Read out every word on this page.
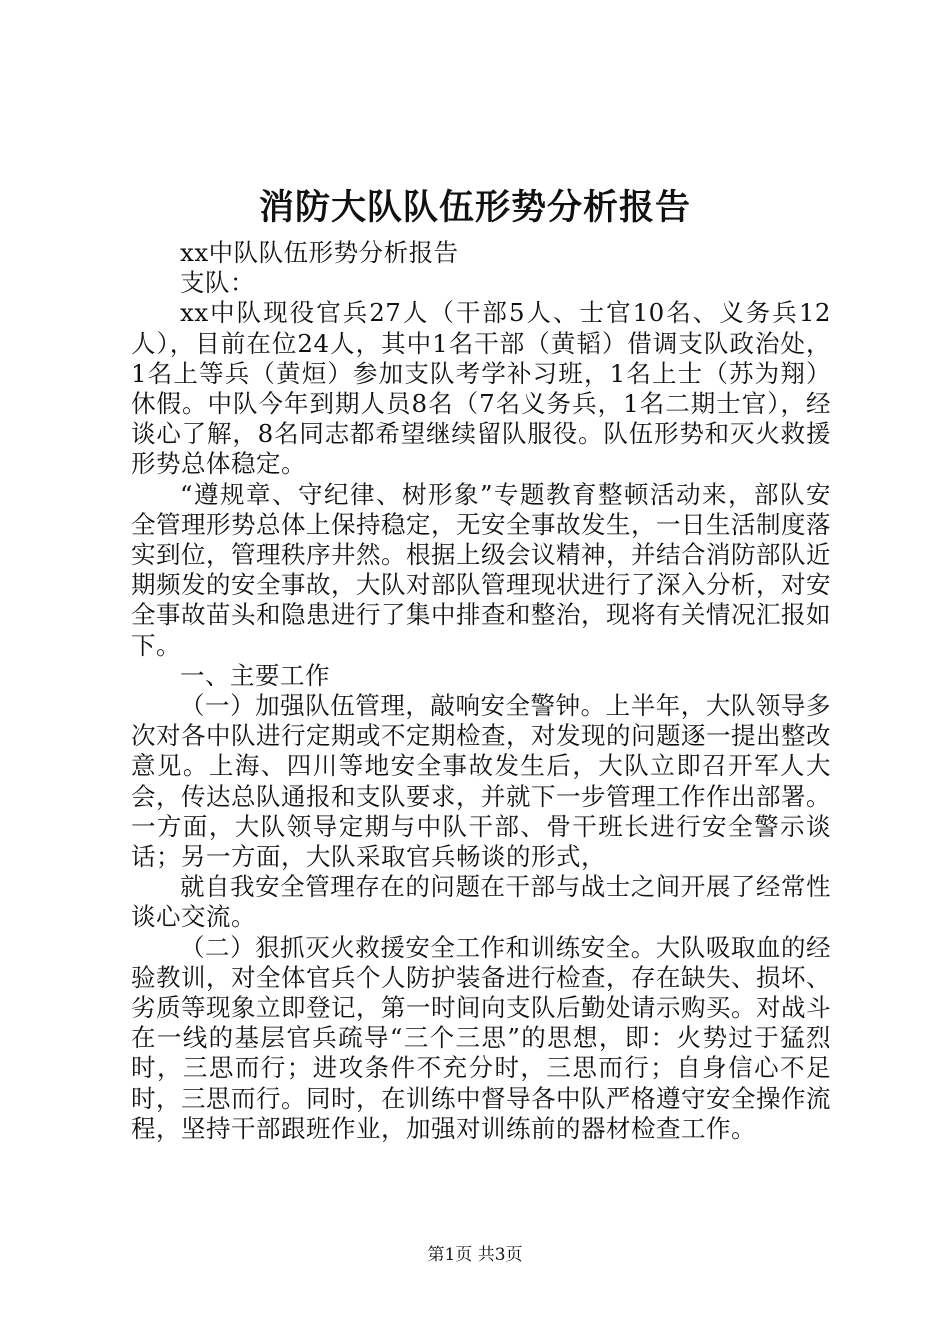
消防大队队伍形势分析报告

xx中队队伍形势分析报告

支队：

xx中队现役官兵27人（干部5人、士官10名、义务兵12人），目前在位24人，其中1名干部（黄韬）借调支队政治处，1名上等兵（黄烜）参加支队考学补习班，1名上士（苏为翔）休假。中队今年到期人员8名（7名义务兵，1名二期士官），经谈心了解，8名同志都希望继续留队服役。队伍形势和灭火救援形势总体稳定。

“遵规章、守纪律、树形象”专题教育整顿活动来，部队安全管理形势总体上保持稳定，无安全事故发生，一日生活制度落实到位，管理秩序井然。根据上级会议精神，并结合消防部队近期频发的安全事故，大队对部队管理现状进行了深入分析，对安全事故苗头和隐患进行了集中排查和整治，现将有关情况汇报如下。

一、主要工作

（一）加强队伍管理，敲响安全警钟。上半年，大队领导多次对各中队进行定期或不定期检查，对发现的问题逐一提出整改意见。上海、四川等地安全事故发生后，大队立即召开军人大会，传达总队通报和支队要求，并就下一步管理工作作出部署。一方面，大队领导定期与中队干部、骨干班长进行安全警示谈话；另一方面，大队采取官兵畅谈的形式，

就自我安全管理存在的问题在干部与战士之间开展了经常性谈心交流。

（二）狠抓灭火救援安全工作和训练安全。大队吸取血的经验教训，对全体官兵个人防护装备进行检查，存在缺失、损坏、劣质等现象立即登记，第一时间向支队后勤处请示购买。对战斗在一线的基层官兵疏导“三个三思”的思想，即：火势过于猛烈时，三思而行；进攻条件不充分时，三思而行；自身信心不足时，三思而行。同时，在训练中督导各中队严格遵守安全操作流程，坚持干部跟班作业，加强对训练前的器材检查工作。

第1页 共3页
